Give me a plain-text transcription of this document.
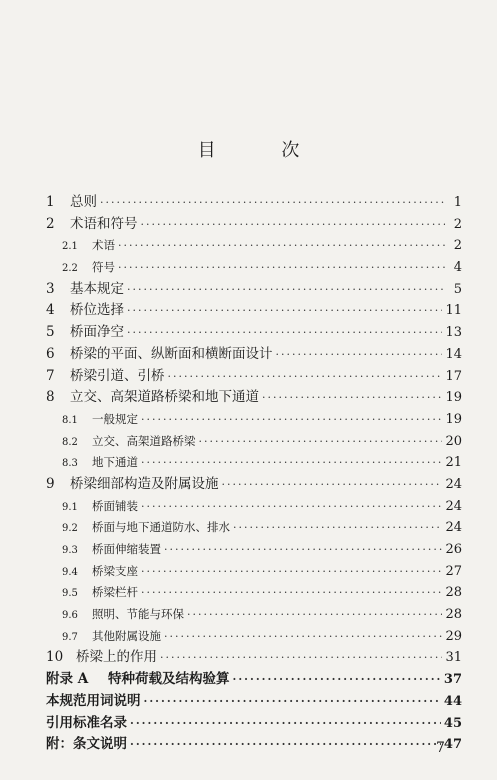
1	总则 ·····	1
2	术语和符号 ·····	2
2.1	术语 ·····	2
2.2	符号 ·····	4
3	基本规定 ·····	5
4	桥位选择 ·····	11
5	桥面净空 ·····	13
6	桥梁的平面、纵断面和横断面设计 ·····	14
7	桥梁引道、引桥 ·····	17
8	立交、高架道路桥梁和地下通道 ·····	19
8.1	一般规定 ·····	19
8.2	立交、高架道路桥梁 ·····	20
8.3	地下通道 ·····	21
9	桥梁细部构造及附属设施 ·····	24
9.1	桥面铺装 ·····	24
9.2	桥面与地下通道防水、排水 ·····	24
9.3	桥面伸缩装置 ·····	26
9.4	桥梁支座 ·····	27
9.5	桥梁栏杆 ·····	28
9.6	照明、节能与环保 ·····	28
9.7	其他附属设施 ·····	29
10 桥梁上的作用 ·····	31
附录 A	特种荷载及结构验算 ·····	37
本规范用词说明 ·····	44
引用标准名录 ·····	45
附：条文说明 ·····	47
目 次
7
